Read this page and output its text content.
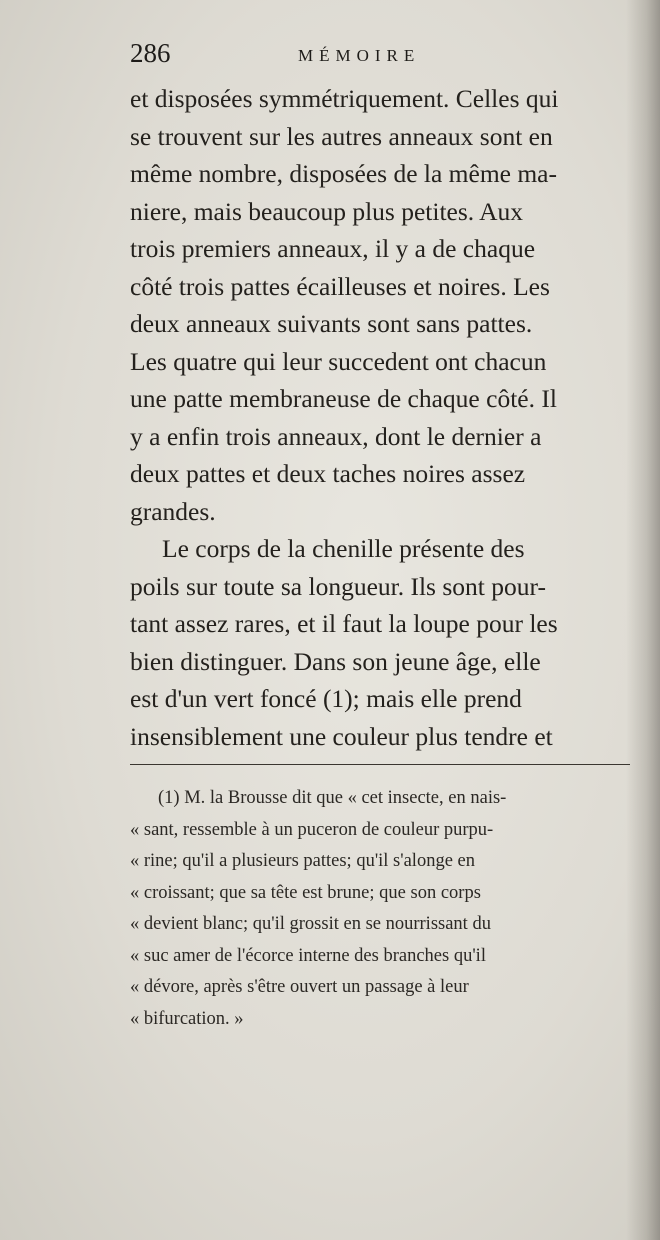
286	MÉMOIRE
et disposées symmétriquement. Celles qui
se trouvent sur les autres anneaux sont en
même nombre, disposées de la même ma-
niere, mais beaucoup plus petites. Aux
trois premiers anneaux, il y a de chaque
côté trois pattes écailleuses et noires. Les
deux anneaux suivants sont sans pattes.
Les quatre qui leur succedent ont chacun
une patte membraneuse de chaque côté. Il
y a enfin trois anneaux, dont le dernier a
deux pattes et deux taches noires assez
grandes.
Le corps de la chenille présente des
poils sur toute sa longueur. Ils sont pour-
tant assez rares, et il faut la loupe pour les
bien distinguer. Dans son jeune âge, elle
est d'un vert foncé (1); mais elle prend
insensiblement une couleur plus tendre et
(1) M. la Brousse dit que « cet insecte, en nais-
« sant, ressemble à un puceron de couleur purpu-
« rine; qu'il a plusieurs pattes; qu'il s'alonge en
« croissant; que sa tête est brune; que son corps
« devient blanc; qu'il grossit en se nourrissant du
« suc amer de l'écorce interne des branches qu'il
« dévore, après s'être ouvert un passage à leur
« bifurcation. »
